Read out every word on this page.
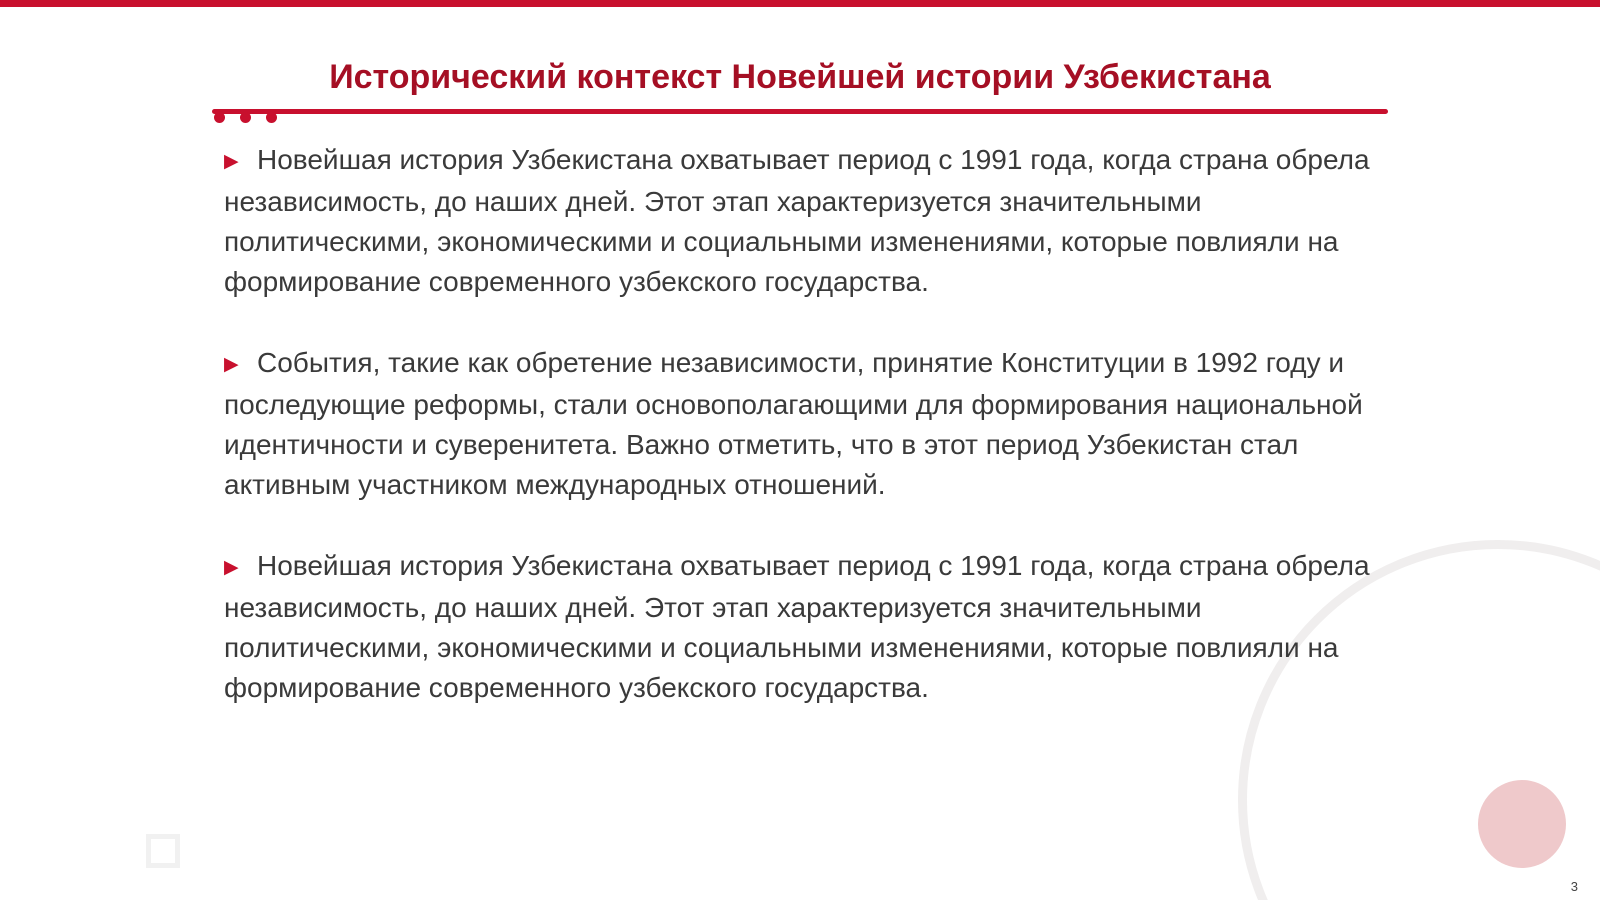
Исторический контекст Новейшей истории Узбекистана

▶ Новейшая история Узбекистана охватывает период с 1991 года, когда страна обрела независимость, до наших дней. Этот этап характеризуется значительными политическими, экономическими и социальными изменениями, которые повлияли на формирование современного узбекского государства.

▶ События, такие как обретение независимости, принятие Конституции в 1992 году и последующие реформы, стали основополагающими для формирования национальной идентичности и суверенитета. Важно отметить, что в этот период Узбекистан стал активным участником международных отношений.

▶ Новейшая история Узбекистана охватывает период с 1991 года, когда страна обрела независимость, до наших дней. Этот этап характеризуется значительными политическими, экономическими и социальными изменениями, которые повлияли на формирование современного узбекского государства.

3
